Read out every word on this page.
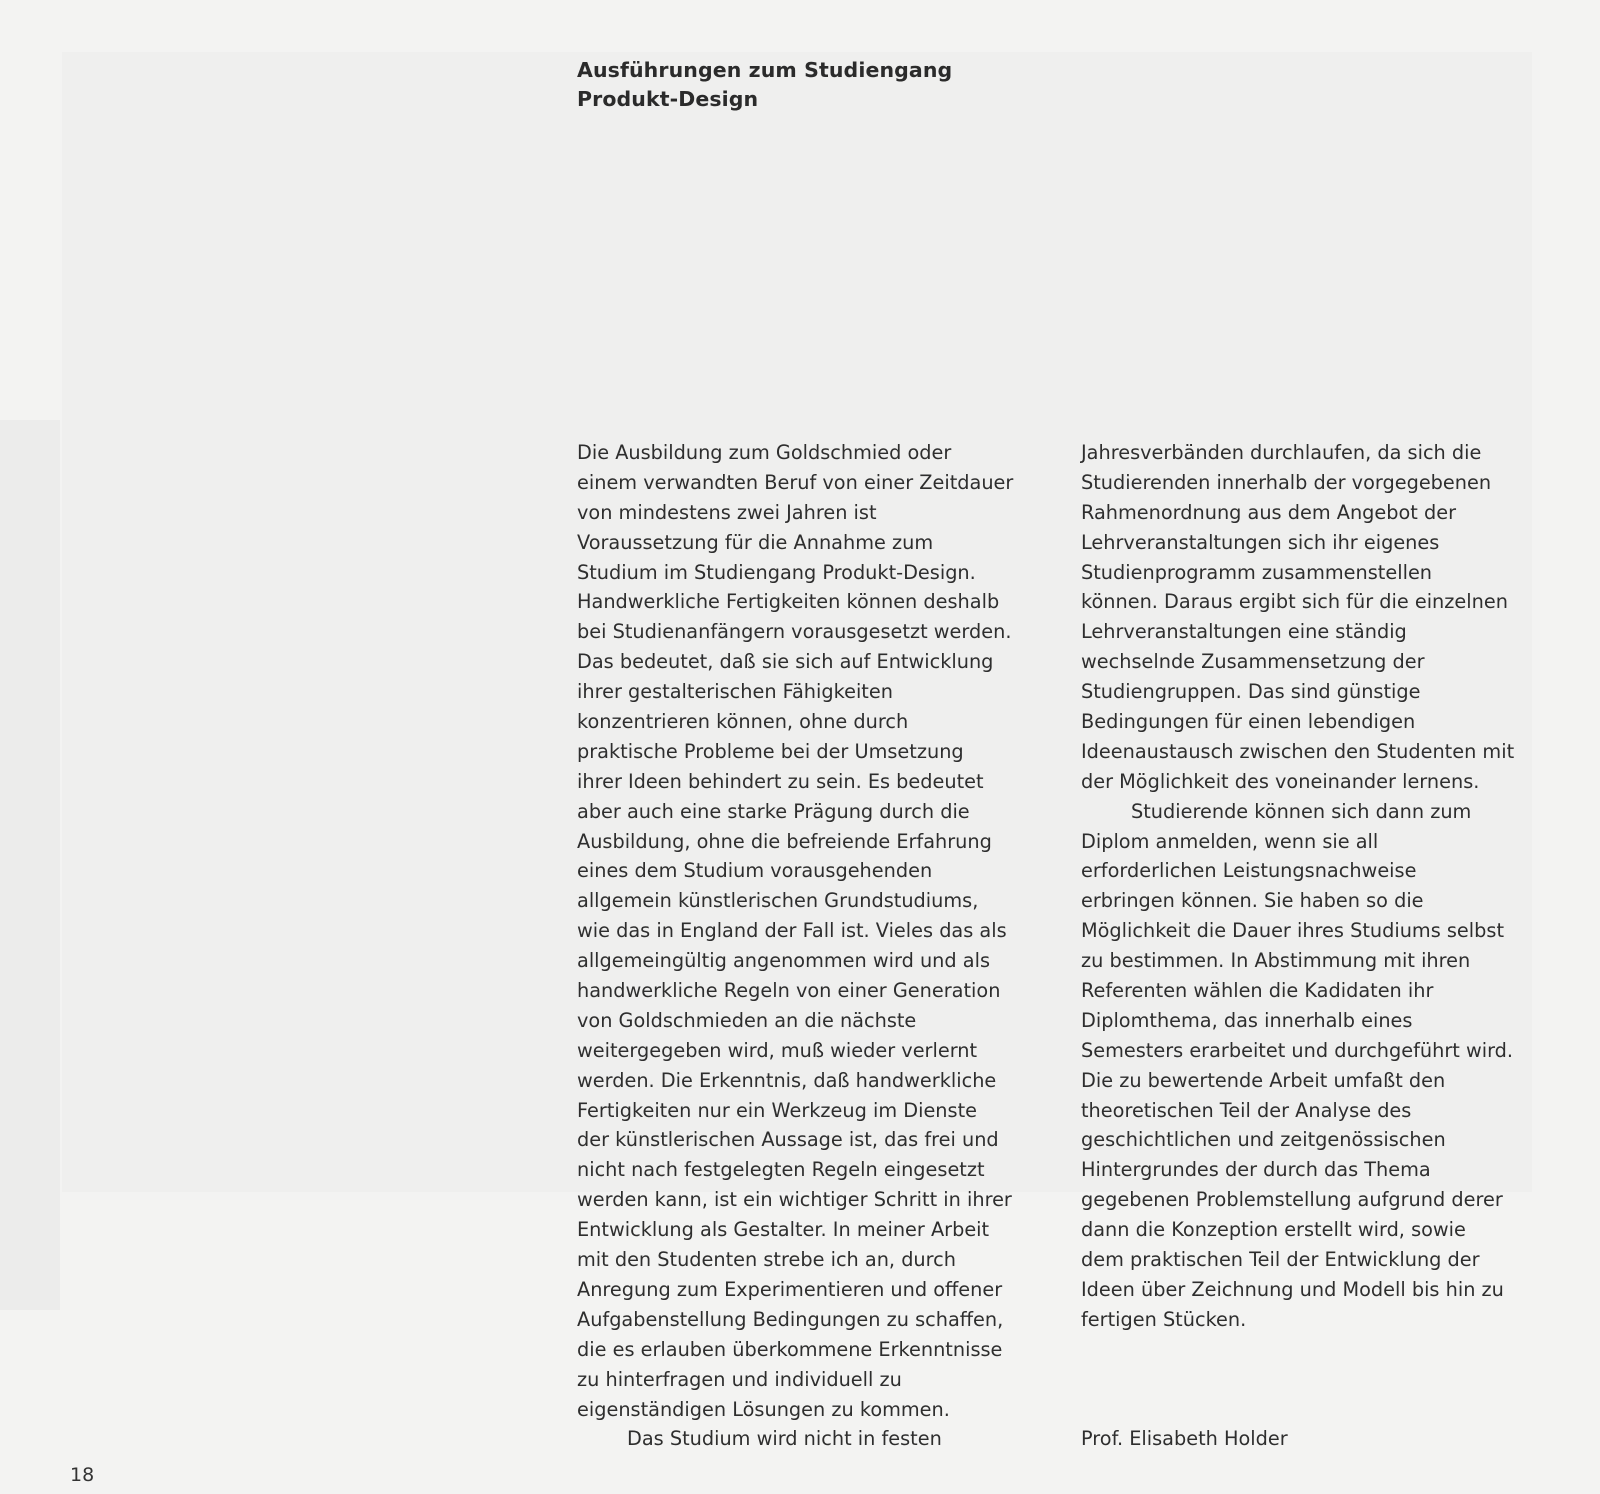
Ausführungen zum Studiengang
Produkt-Design
Die Ausbildung zum Goldschmied oder
einem verwandten Beruf von einer Zeitdauer
von mindestens zwei Jahren ist
Voraussetzung für die Annahme zum
Studium im Studiengang Produkt-Design.
Handwerkliche Fertigkeiten können deshalb
bei Studienanfängern vorausgesetzt werden.
Das bedeutet, daß sie sich auf Entwicklung
ihrer gestalterischen Fähigkeiten
konzentrieren können, ohne durch
praktische Probleme bei der Umsetzung
ihrer Ideen behindert zu sein. Es bedeutet
aber auch eine starke Prägung durch die
Ausbildung, ohne die befreiende Erfahrung
eines dem Studium vorausgehenden
allgemein künstlerischen Grundstudiums,
wie das in England der Fall ist. Vieles das als
allgemeingültig angenommen wird und als
handwerkliche Regeln von einer Generation
von Goldschmieden an die nächste
weitergegeben wird, muß wieder verlernt
werden. Die Erkenntnis, daß handwerkliche
Fertigkeiten nur ein Werkzeug im Dienste
der künstlerischen Aussage ist, das frei und
nicht nach festgelegten Regeln eingesetzt
werden kann, ist ein wichtiger Schritt in ihrer
Entwicklung als Gestalter. In meiner Arbeit
mit den Studenten strebe ich an, durch
Anregung zum Experimentieren und offener
Aufgabenstellung Bedingungen zu schaffen,
die es erlauben überkommene Erkenntnisse
zu hinterfragen und individuell zu
eigenständigen Lösungen zu kommen.
Das Studium wird nicht in festen
Jahresverbänden durchlaufen, da sich die
Studierenden innerhalb der vorgegebenen
Rahmenordnung aus dem Angebot der
Lehrveranstaltungen sich ihr eigenes
Studienprogramm zusammenstellen
können. Daraus ergibt sich für die einzelnen
Lehrveranstaltungen eine ständig
wechselnde Zusammensetzung der
Studiengruppen. Das sind günstige
Bedingungen für einen lebendigen
Ideenaustausch zwischen den Studenten mit
der Möglichkeit des voneinander lernens.
Studierende können sich dann zum
Diplom anmelden, wenn sie all
erforderlichen Leistungsnachweise
erbringen können. Sie haben so die
Möglichkeit die Dauer ihres Studiums selbst
zu bestimmen. In Abstimmung mit ihren
Referenten wählen die Kadidaten ihr
Diplomthema, das innerhalb eines
Semesters erarbeitet und durchgeführt wird.
Die zu bewertende Arbeit umfaßt den
theoretischen Teil der Analyse des
geschichtlichen und zeitgenössischen
Hintergrundes der durch das Thema
gegebenen Problemstellung aufgrund derer
dann die Konzeption erstellt wird, sowie
dem praktischen Teil der Entwicklung der
Ideen über Zeichnung und Modell bis hin zu
fertigen Stücken.
Prof. Elisabeth Holder
18
